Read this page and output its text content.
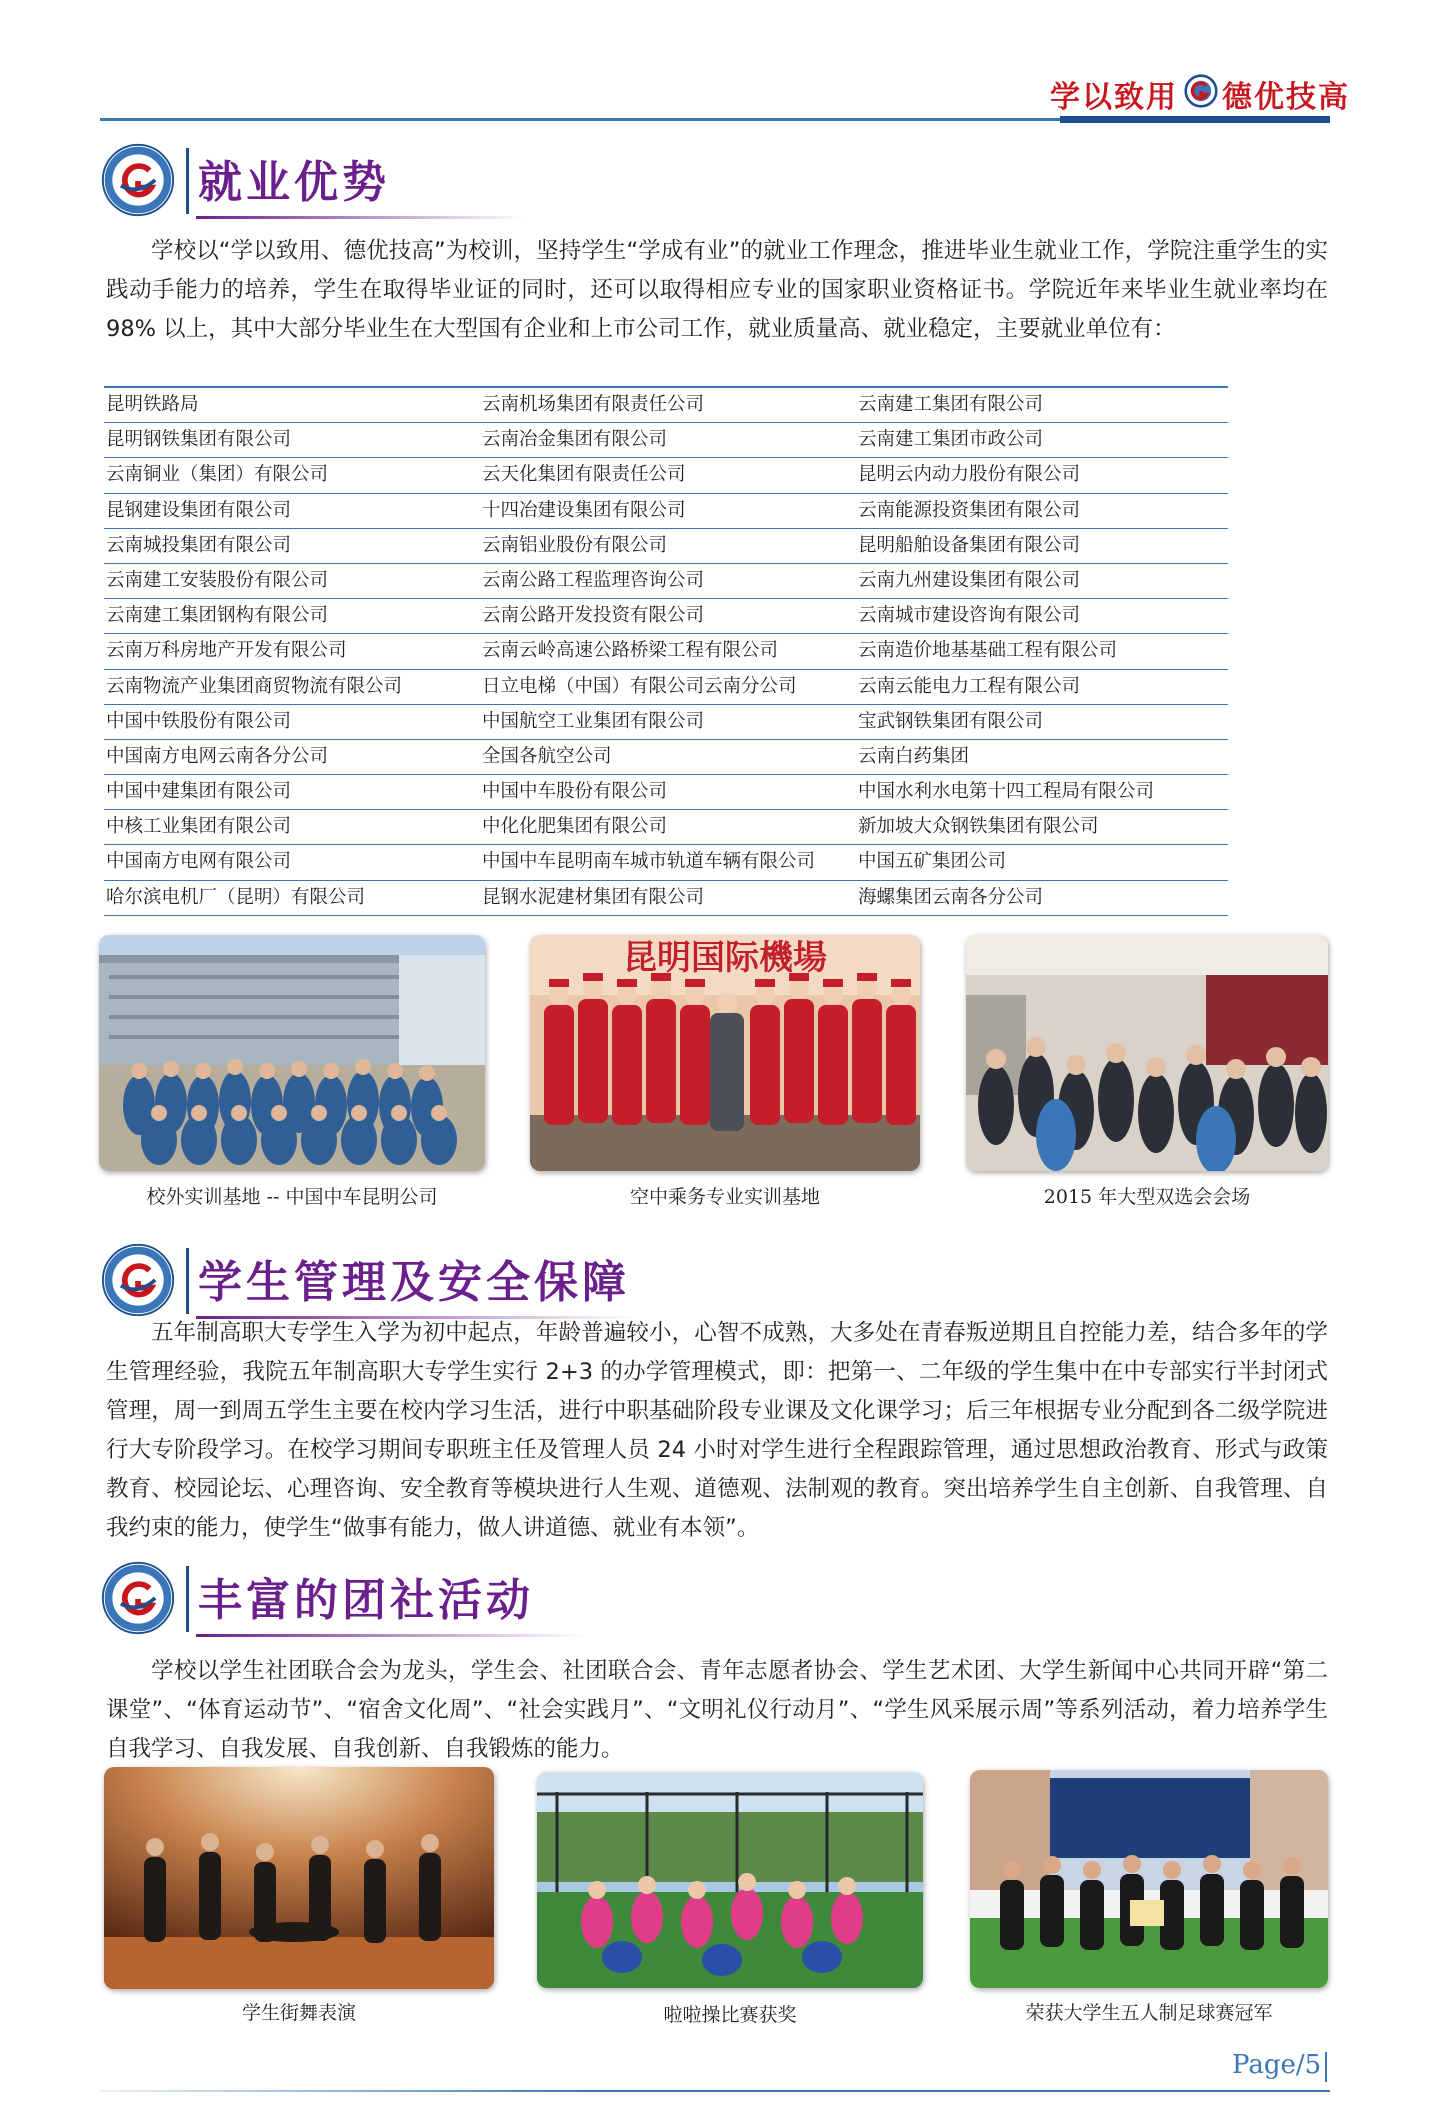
学以致用 德优技高
就业优势
学校以“学以致用、德优技高”为校训，坚持学生“学成有业”的就业工作理念，推进毕业生就业工作，学院注重学生的实践动手能力的培养，学生在取得毕业证的同时，还可以取得相应专业的国家职业资格证书。学院近年来毕业生就业率均在 98% 以上，其中大部分毕业生在大型国有企业和上市公司工作，就业质量高、就业稳定，主要就业单位有：
昆明铁路局	云南机场集团有限责任公司	云南建工集团有限公司
昆明钢铁集团有限公司	云南冶金集团有限公司	云南建工集团市政公司
云南铜业（集团）有限公司	云天化集团有限责任公司	昆明云内动力股份有限公司
昆钢建设集团有限公司	十四冶建设集团有限公司	云南能源投资集团有限公司
云南城投集团有限公司	云南铝业股份有限公司	昆明船舶设备集团有限公司
云南建工安装股份有限公司	云南公路工程监理咨询公司	云南九州建设集团有限公司
云南建工集团钢构有限公司	云南公路开发投资有限公司	云南城市建设咨询有限公司
云南万科房地产开发有限公司	云南云岭高速公路桥梁工程有限公司	云南造价地基基础工程有限公司
云南物流产业集团商贸物流有限公司	日立电梯（中国）有限公司云南分公司	云南云能电力工程有限公司
中国中铁股份有限公司	中国航空工业集团有限公司	宝武钢铁集团有限公司
中国南方电网云南各分公司	全国各航空公司	云南白药集团
中国中建集团有限公司	中国中车股份有限公司	中国水利水电第十四工程局有限公司
中核工业集团有限公司	中化化肥集团有限公司	新加坡大众钢铁集团有限公司
中国南方电网有限公司	中国中车昆明南车城市轨道车辆有限公司	中国五矿集团公司
哈尔滨电机厂（昆明）有限公司	昆钢水泥建材集团有限公司	海螺集团云南各分公司
校外实训基地 -- 中国中车昆明公司
昆明国际機場
空中乘务专业实训基地	2015 年大型双选会会场
学生管理及安全保障
五年制高职大专学生入学为初中起点，年龄普遍较小，心智不成熟，大多处在青春叛逆期且自控能力差，结合多年的学生管理经验，我院五年制高职大专学生实行 2+3 的办学管理模式，即：把第一、二年级的学生集中在中专部实行半封闭式管理，周一到周五学生主要在校内学习生活，进行中职基础阶段专业课及文化课学习；后三年根据专业分配到各二级学院进行大专阶段学习。在校学习期间专职班主任及管理人员 24 小时对学生进行全程跟踪管理，通过思想政治教育、形式与政策教育、校园论坛、心理咨询、安全教育等模块进行人生观、道德观、法制观的教育。突出培养学生自主创新、自我管理、自我约束的能力，使学生“做事有能力，做人讲道德、就业有本领”。
丰富的团社活动
学校以学生社团联合会为龙头，学生会、社团联合会、青年志愿者协会、学生艺术团、大学生新闻中心共同开辟“第二课堂”、“体育运动节”、“宿舍文化周”、“社会实践月”、“文明礼仪行动月”、“学生风采展示周”等系列活动，着力培养学生自我学习、自我发展、自我创新、自我锻炼的能力。
学生街舞表演	啦啦操比赛获奖	荣获大学生五人制足球赛冠军
Page/5
